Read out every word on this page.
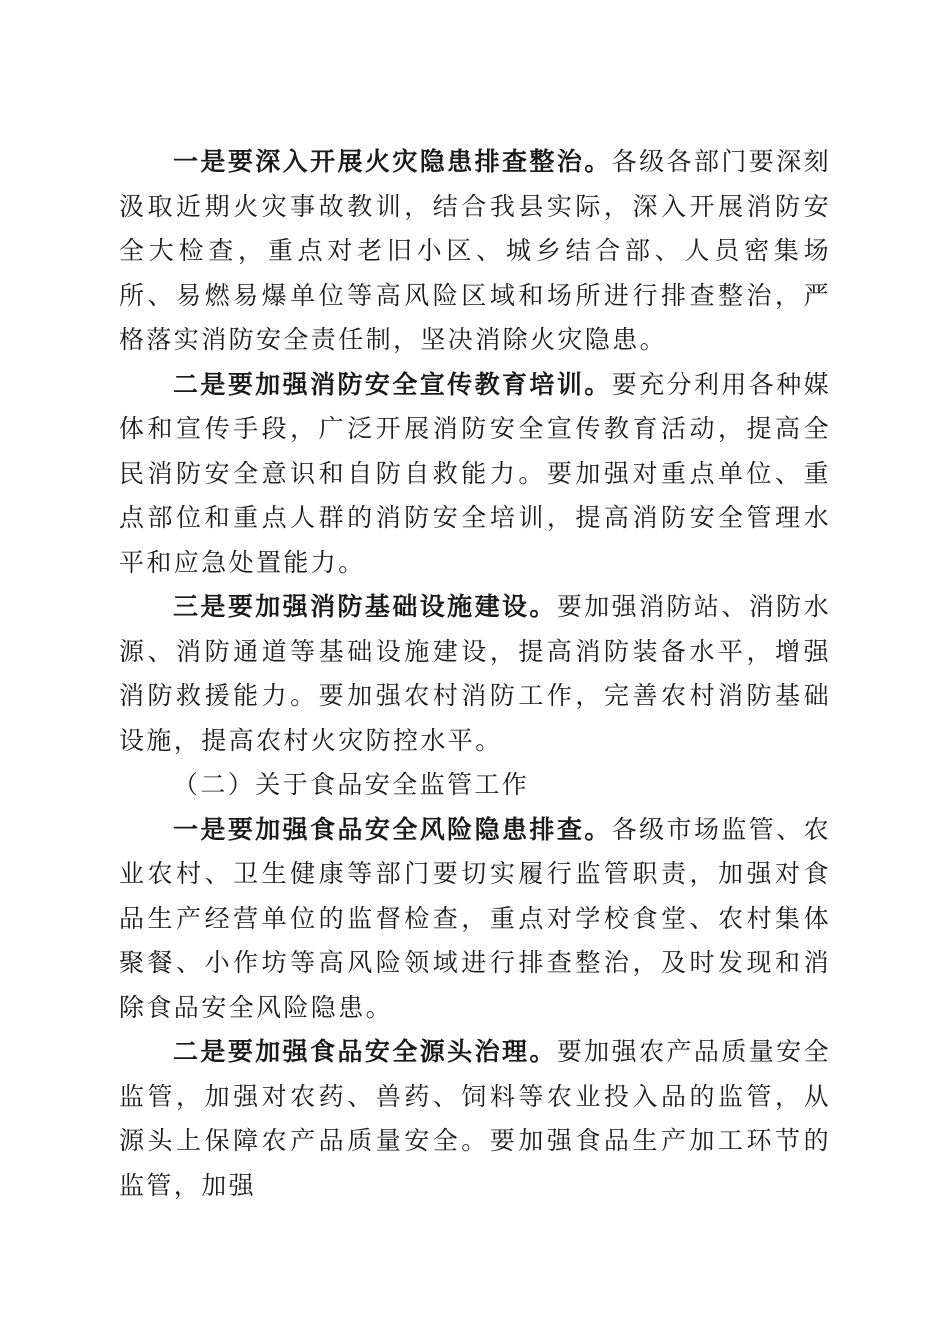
一是要深入开展火灾隐患排查整治。各级各部门要深刻汲取近期火灾事故教训，结合我县实际，深入开展消防安全大检查，重点对老旧小区、城乡结合部、人员密集场所、易燃易爆单位等高风险区域和场所进行排查整治，严格落实消防安全责任制，坚决消除火灾隐患。

二是要加强消防安全宣传教育培训。要充分利用各种媒体和宣传手段，广泛开展消防安全宣传教育活动，提高全民消防安全意识和自防自救能力。要加强对重点单位、重点部位和重点人群的消防安全培训，提高消防安全管理水平和应急处置能力。

三是要加强消防基础设施建设。要加强消防站、消防水源、消防通道等基础设施建设，提高消防装备水平，增强消防救援能力。要加强农村消防工作，完善农村消防基础设施，提高农村火灾防控水平。

（二）关于食品安全监管工作

一是要加强食品安全风险隐患排查。各级市场监管、农业农村、卫生健康等部门要切实履行监管职责，加强对食品生产经营单位的监督检查，重点对学校食堂、农村集体聚餐、小作坊等高风险领域进行排查整治，及时发现和消除食品安全风险隐患。

二是要加强食品安全源头治理。要加强农产品质量安全监管，加强对农药、兽药、饲料等农业投入品的监管，从源头上保障农产品质量安全。要加强食品生产加工环节的监管，加强
